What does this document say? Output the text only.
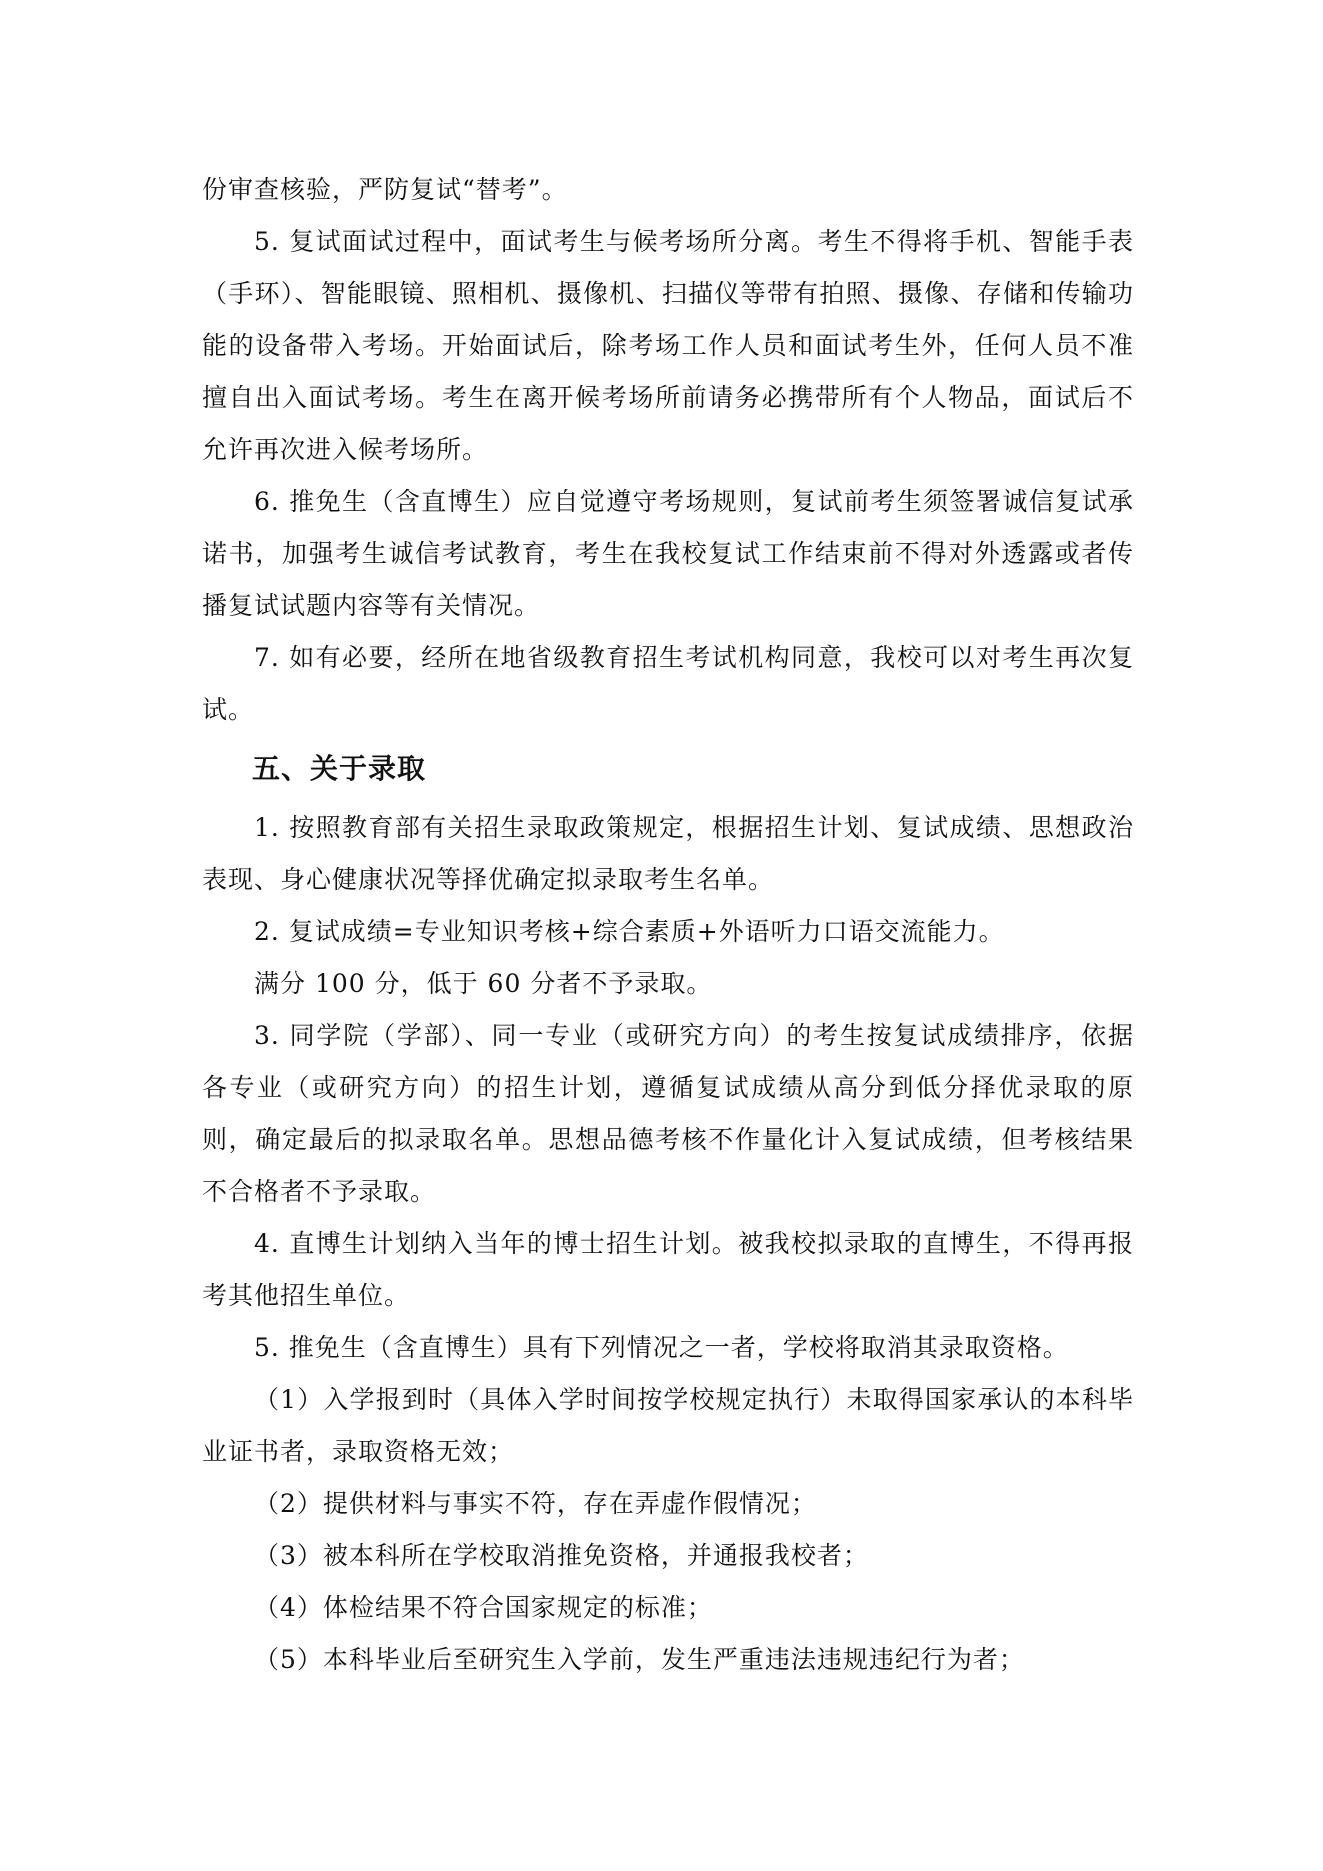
份审查核验，严防复试“替考”。

5. 复试面试过程中，面试考生与候考场所分离。考生不得将手机、智能手表（手环）、智能眼镜、照相机、摄像机、扫描仪等带有拍照、摄像、存储和传输功能的设备带入考场。开始面试后，除考场工作人员和面试考生外，任何人员不准擅自出入面试考场。考生在离开候考场所前请务必携带所有个人物品，面试后不允许再次进入候考场所。

6. 推免生（含直博生）应自觉遵守考场规则，复试前考生须签署诚信复试承诺书，加强考生诚信考试教育，考生在我校复试工作结束前不得对外透露或者传播复试试题内容等有关情况。

7. 如有必要，经所在地省级教育招生考试机构同意，我校可以对考生再次复试。

五、关于录取

1. 按照教育部有关招生录取政策规定，根据招生计划、复试成绩、思想政治表现、身心健康状况等择优确定拟录取考生名单。

2. 复试成绩=专业知识考核+综合素质+外语听力口语交流能力。

满分 100 分，低于 60 分者不予录取。

3. 同学院（学部）、同一专业（或研究方向）的考生按复试成绩排序，依据各专业（或研究方向）的招生计划，遵循复试成绩从高分到低分择优录取的原则，确定最后的拟录取名单。思想品德考核不作量化计入复试成绩，但考核结果不合格者不予录取。

4. 直博生计划纳入当年的博士招生计划。被我校拟录取的直博生，不得再报考其他招生单位。

5. 推免生（含直博生）具有下列情况之一者，学校将取消其录取资格。

（1）入学报到时（具体入学时间按学校规定执行）未取得国家承认的本科毕业证书者，录取资格无效；

（2）提供材料与事实不符，存在弄虚作假情况；

（3）被本科所在学校取消推免资格，并通报我校者；

（4）体检结果不符合国家规定的标准；

（5）本科毕业后至研究生入学前，发生严重违法违规违纪行为者；
